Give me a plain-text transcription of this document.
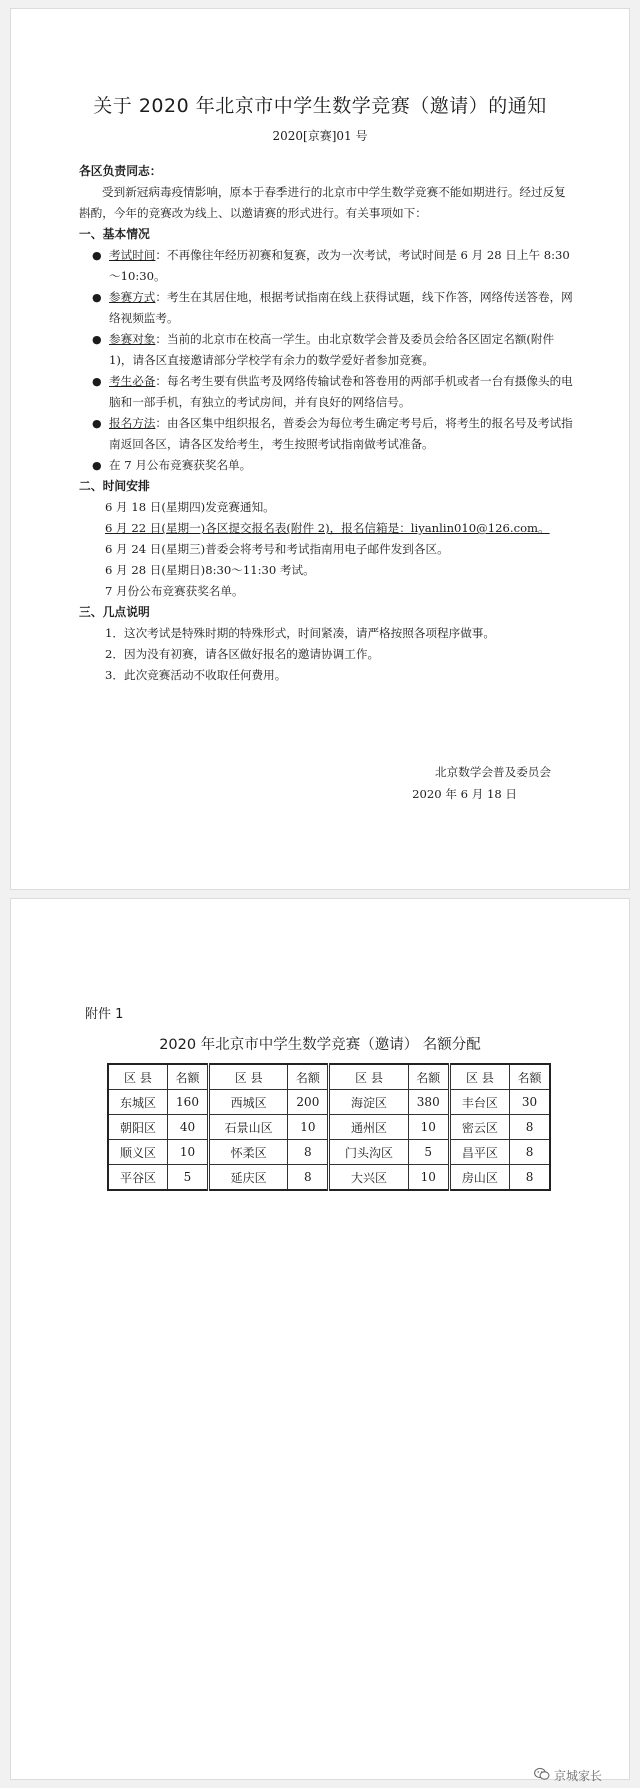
关于 2020 年北京市中学生数学竞赛（邀请）的通知
2020[京赛]01 号

各区负责同志：

受到新冠病毒疫情影响，原本于春季进行的北京市中学生数学竞赛不能如期进行。经过反复斟酌，今年的竞赛改为线上、以邀请赛的形式进行。有关事项如下：

一、基本情况

● 考试时间：不再像往年经历初赛和复赛，改为一次考试，考试时间是 6 月 28 日上午 8:30～10:30。

● 参赛方式：考生在其居住地，根据考试指南在线上获得试题，线下作答，网络传送答卷，网络视频监考。

● 参赛对象：当前的北京市在校高一学生。由北京数学会普及委员会给各区固定名额(附件 1)，请各区直接邀请部分学校学有余力的数学爱好者参加竞赛。

● 考生必备：每名考生要有供监考及网络传输试卷和答卷用的两部手机或者一台有摄像头的电脑和一部手机，有独立的考试房间，并有良好的网络信号。

● 报名方法：由各区集中组织报名，普委会为每位考生确定考号后，将考生的报名号及考试指南返回各区，请各区发给考生，考生按照考试指南做考试准备。

● 在 7 月公布竞赛获奖名单。

二、时间安排

6 月 18 日(星期四)发竞赛通知。

6 月 22 日(星期一)各区提交报名表(附件 2)，报名信箱是：liyanlin010@126.com。

6 月 24 日(星期三)普委会将考号和考试指南用电子邮件发到各区。

6 月 28 日(星期日)8:30～11:30 考试。

7 月份公布竞赛获奖名单。

三、几点说明

1．这次考试是特殊时期的特殊形式，时间紧凑，请严格按照各项程序做事。

2．因为没有初赛，请各区做好报名的邀请协调工作。

3．此次竞赛活动不收取任何费用。

北京数学会普及委员会
2020 年 6 月 18 日
附件 1
2020 年北京市中学生数学竞赛（邀请） 名额分配
区 县	名额	区 县	名额	区 县	名额	区 县	名额
东城区	160	西城区	200	海淀区	380	丰台区	30
朝阳区	40	石景山区	10	通州区	10	密云区	8
顺义区	10	怀柔区	8	门头沟区	5	昌平区	8
平谷区	5	延庆区	8	大兴区	10	房山区	8
京城家长
